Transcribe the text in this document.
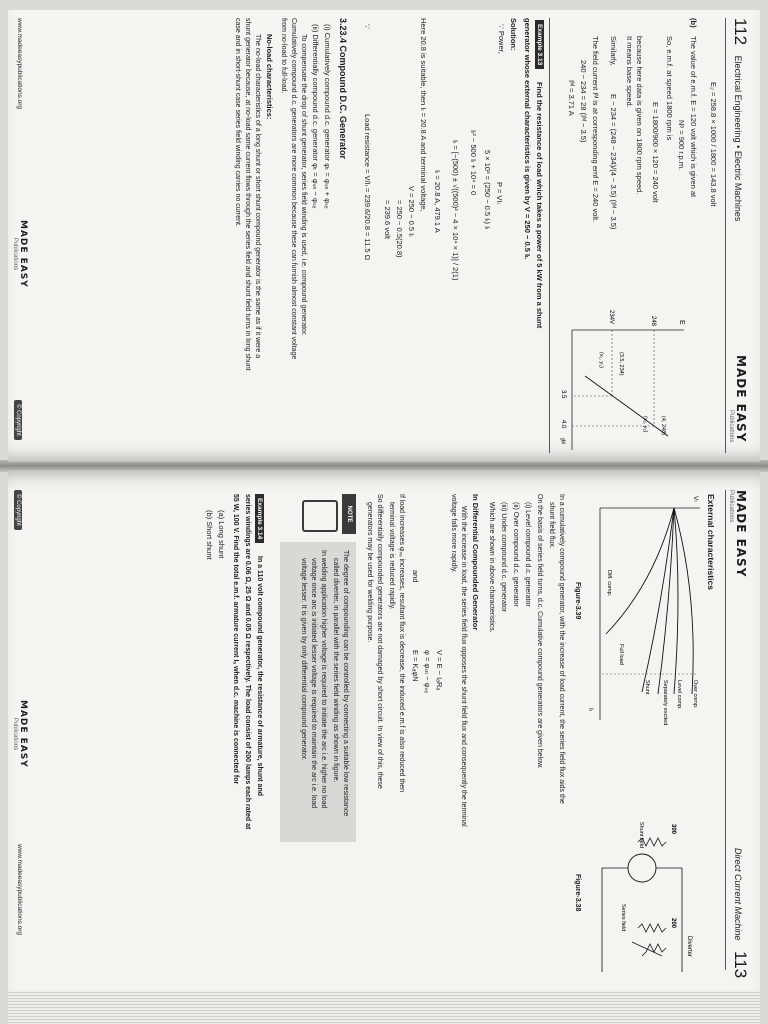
112 Electrical Engineering • Electric Machines
MADE EASY
Publications
E₂ = 258.8 × 1000 / 1800 = 143.8 volt
(b)
The value of e.m.f. E = 120 volt which is given at
Nᵇ = 900 r.p.m.
So, e.m.f. at speed 1800 rpm is
E = 1800/900 × 120 = 240 volt
because here data is given on 1800 rpm speed.
It means base speed.
Similarly,
E − 234 = (248 − 234)/(4 − 3.5) (Iᴹ − 3.5)
The field current Iᴹ is at corresponding emf E = 240 volt.
240 − 234 = 28 (Iᴹ − 3.5)
Iᴹ = 3.71 A
E
Iᴹ
248
234V
(4, 248)
(x₂, y₂)
(3.5, 234)
(x₁, y₁)
3.5
4.0
Example 3.13
Find the resistance of load which takes a power of 5 kW from a shunt
generator whose external characteristics is given by V = 250 − 0.5 Iₗ.
Solution:
∵ Power,
P = VIₗ
5 × 10³ = (250 − 0.5 Iₗ) Iₗ
Iₗ² − 500 Iₗ + 10⁴ = 0
Iₗ = [−(500) ± √((500)² − 4 × 10⁴ × 1)] / 2(1)
Iₗ = 20.8 A, 479.1 A
Here 20.8 is suitable, then Iₗ = 20.8 A and terminal voltage,
V = 250 − 0.5 Iₗ
= 250 − 0.5(20.8)
= 239.6 volt
∵
Load resistance = V/Iₗ = 239.6/20.8 = 11.5 Ω
3.23.4 Compound D.C. Generator
(i) Cumulatively compound d.c. generator φₜ = φₛₕ + φₛₑ
(ii) Differentially compound d.c. generator φₜ = φₛₕ − φₛₑ
To compensate the drop of shunt generator, series field winding is used, i.e. compound generator.
Cumulatively compound d.c. generators are more common because these can furnish almost constant voltage
from no-load to full-load.
No-load characteristics:
The no-load characteristics of a long shunt or short shunt compound generator is the same as if it were a
shunt generator because, at no-load same current flows through the series field and shunt field turns in long shunt
case and in short-shunt case series field winding carries no current.
www.madeeasypublications.org
MADE EASY
Publications
© Copyright
MADE EASY
Publications
Direct Current Machine 113
External characteristics
Vₗ
Iₗ
Over comp.
Level comp.
Separately excited
Shunt
Full load
Diff. comp.
Figure-3.39
Diverter
Shunt field
Series field
300
200
Figure-3.38
In a cumulatively compound generator, with the increase of load current, the series field flux aids the
shunt field flux.
On the basis of series field turns, d.c. Cumulative compound generators are given below.
(i) Level compound d.c. generator
(ii) Over compound d.c. generator
(iii) Under compound d.c. generator
Which are shown in above characteristics.
In Differential Compounded Generator
With the increase in load, the series field flux opposes the shunt field flux and consequently the terminal
voltage falls more rapidly.
V = E − IₐRₐ
φ = φₛₕ − φₛₑ
and
E = KₐφN
If load increases φₛₑ increases, resultant flux is decrease, the induced e.m.f is also reduced then
terminal voltage is reduced rapidly.
So differentially compounded generators are not damaged by short circuit. In view of this, these
generators may be used for welding purpose.
NOTE
The degree of compounding can be controlled by connecting a suitable low resistance
called diverter, in parallel with the series field winding as shown in figure.
In welding application higher voltage is required to initiate the arc i.e. higher no load
voltage once arc is initiated lesser voltage is required to maintain the arc i.e. load
voltage lesser. It is given by only differential compound generator.
Example 3.14
In a 110 volt compound generator, the resistance of armature, shunt and
series windings are 0.06 Ω, 25 Ω and 0.05 Ω respectively. The load consist of 200 lamps each rated at
55 W, 100 V. Find the total e.m.f. armature current Iₐ when d.c. machine is connected for
(a) Long shunt
(b) Short shunt
© Copyright
MADE EASY
Publications
www.madeeasypublications.org
